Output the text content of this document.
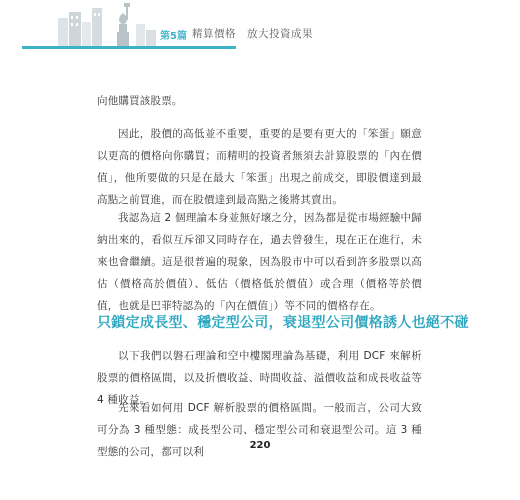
第5篇 精算價格　放大投資成果

向他購買該股票。

因此，股價的高低並不重要，重要的是要有更大的「笨蛋」願意以更高的價格向你購買；而精明的投資者無須去計算股票的「內在價值」，他所要做的只是在最大「笨蛋」出現之前成交，即股價達到最高點之前買進，而在股價達到最高點之後將其賣出。

我認為這 2 個理論本身並無好壞之分，因為都是從市場經驗中歸納出來的，看似互斥卻又同時存在，過去曾發生，現在正在進行，未來也會繼續。這是很普遍的現象，因為股市中可以看到許多股票以高估（價格高於價值）、低估（價格低於價值）或合理（價格等於價值，也就是巴菲特認為的「內在價值」）等不同的價格存在。

只鎖定成長型、穩定型公司，衰退型公司價格誘人也絕不碰

以下我們以磐石理論和空中樓閣理論為基礎，利用 DCF 來解析股票的價格區間，以及折價收益、時間收益、溢價收益和成長收益等 4 種收益。

先來看如何用 DCF 解析股票的價格區間。一般而言，公司大致可分為 3 種型態：成長型公司、穩定型公司和衰退型公司。這 3 種型態的公司，都可以利

220
